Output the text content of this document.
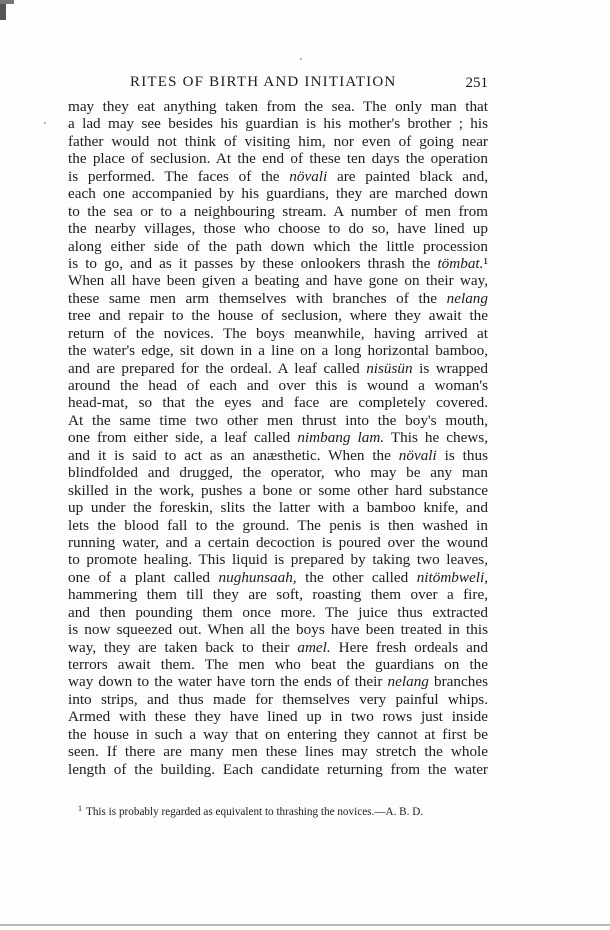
RITES OF BIRTH AND INITIATION	251
may they eat anything taken from the sea. The only man that
a lad may see besides his guardian is his mother's brother ; his
father would not think of visiting him, nor even of going near
the place of seclusion. At the end of these ten days the operation
is performed. The faces of the növali are painted black and,
each one accompanied by his guardians, they are marched down
to the sea or to a neighbouring stream. A number of men from
the nearby villages, those who choose to do so, have lined up
along either side of the path down which the little procession
is to go, and as it passes by these onlookers thrash the tömbat.¹
When all have been given a beating and have gone on their way,
these same men arm themselves with branches of the nelang
tree and repair to the house of seclusion, where they await the
return of the novices. The boys meanwhile, having arrived at
the water's edge, sit down in a line on a long horizontal bamboo,
and are prepared for the ordeal. A leaf called nisüsün is wrapped
around the head of each and over this is wound a woman's
head-mat, so that the eyes and face are completely covered.
At the same time two other men thrust into the boy's mouth,
one from either side, a leaf called nimbang lam. This he chews,
and it is said to act as an anæsthetic. When the növali is thus
blindfolded and drugged, the operator, who may be any man
skilled in the work, pushes a bone or some other hard substance
up under the foreskin, slits the latter with a bamboo knife, and
lets the blood fall to the ground. The penis is then washed in
running water, and a certain decoction is poured over the wound
to promote healing. This liquid is prepared by taking two leaves,
one of a plant called nughunsaah, the other called nitömbweli,
hammering them till they are soft, roasting them over a fire,
and then pounding them once more. The juice thus extracted
is now squeezed out. When all the boys have been treated in this
way, they are taken back to their amel. Here fresh ordeals and
terrors await them. The men who beat the guardians on the
way down to the water have torn the ends of their nelang branches
into strips, and thus made for themselves very painful whips.
Armed with these they have lined up in two rows just inside
the house in such a way that on entering they cannot at first be
seen. If there are many men these lines may stretch the whole
length of the building. Each candidate returning from the water
$^1$ This is probably regarded as equivalent to thrashing the novices.—A. B. D.
